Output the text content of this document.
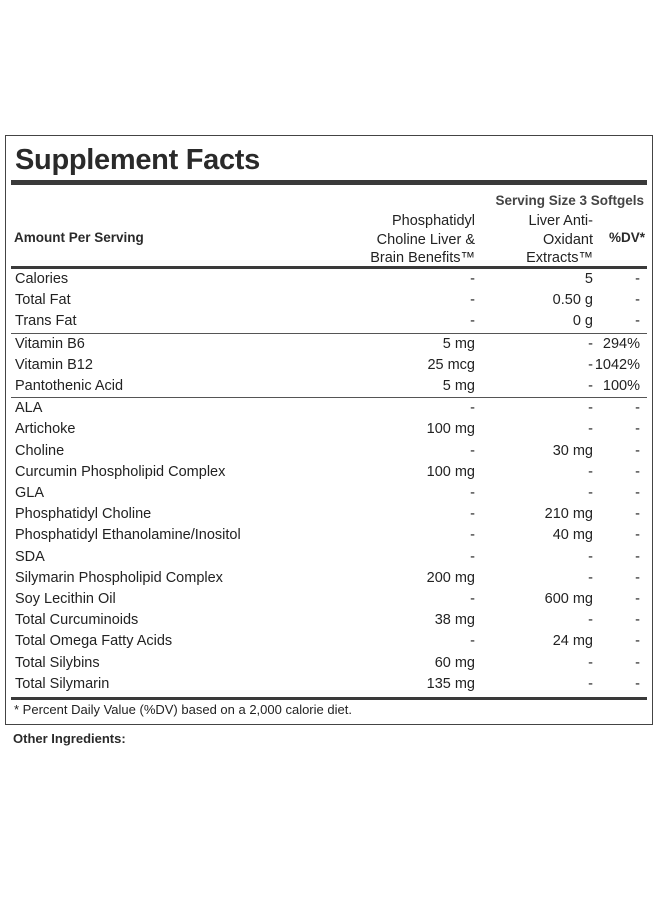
Supplement Facts
Serving Size 3 Softgels
Amount Per Serving
Phosphatidyl
Choline Liver &
Brain Benefits™
Liver Anti-
Oxidant
Extracts™
%DV*
Calories	-	5	-
Total Fat	-	0.50 g	-
Trans Fat	-	0 g	-
Vitamin B6	5 mg	- 294%
Vitamin B12	25 mcg	- 1042%
Pantothenic Acid	5 mg	- 100%
ALA	-	-	-
Artichoke	100 mg	-	-
Choline	-	30 mg	-
Curcumin Phospholipid Complex	100 mg	-	-
GLA	-	-	-
Phosphatidyl Choline	-	210 mg	-
Phosphatidyl Ethanolamine/Inositol	-	40 mg	-
SDA	-	-	-
Silymarin Phospholipid Complex	200 mg	-	-
Soy Lecithin Oil	-	600 mg	-
Total Curcuminoids	38 mg	-	-
Total Omega Fatty Acids	-	24 mg	-
Total Silybins	60 mg	-	-
Total Silymarin	135 mg	-	-
* Percent Daily Value (%DV) based on a 2,000 calorie diet.
Other Ingredients:
